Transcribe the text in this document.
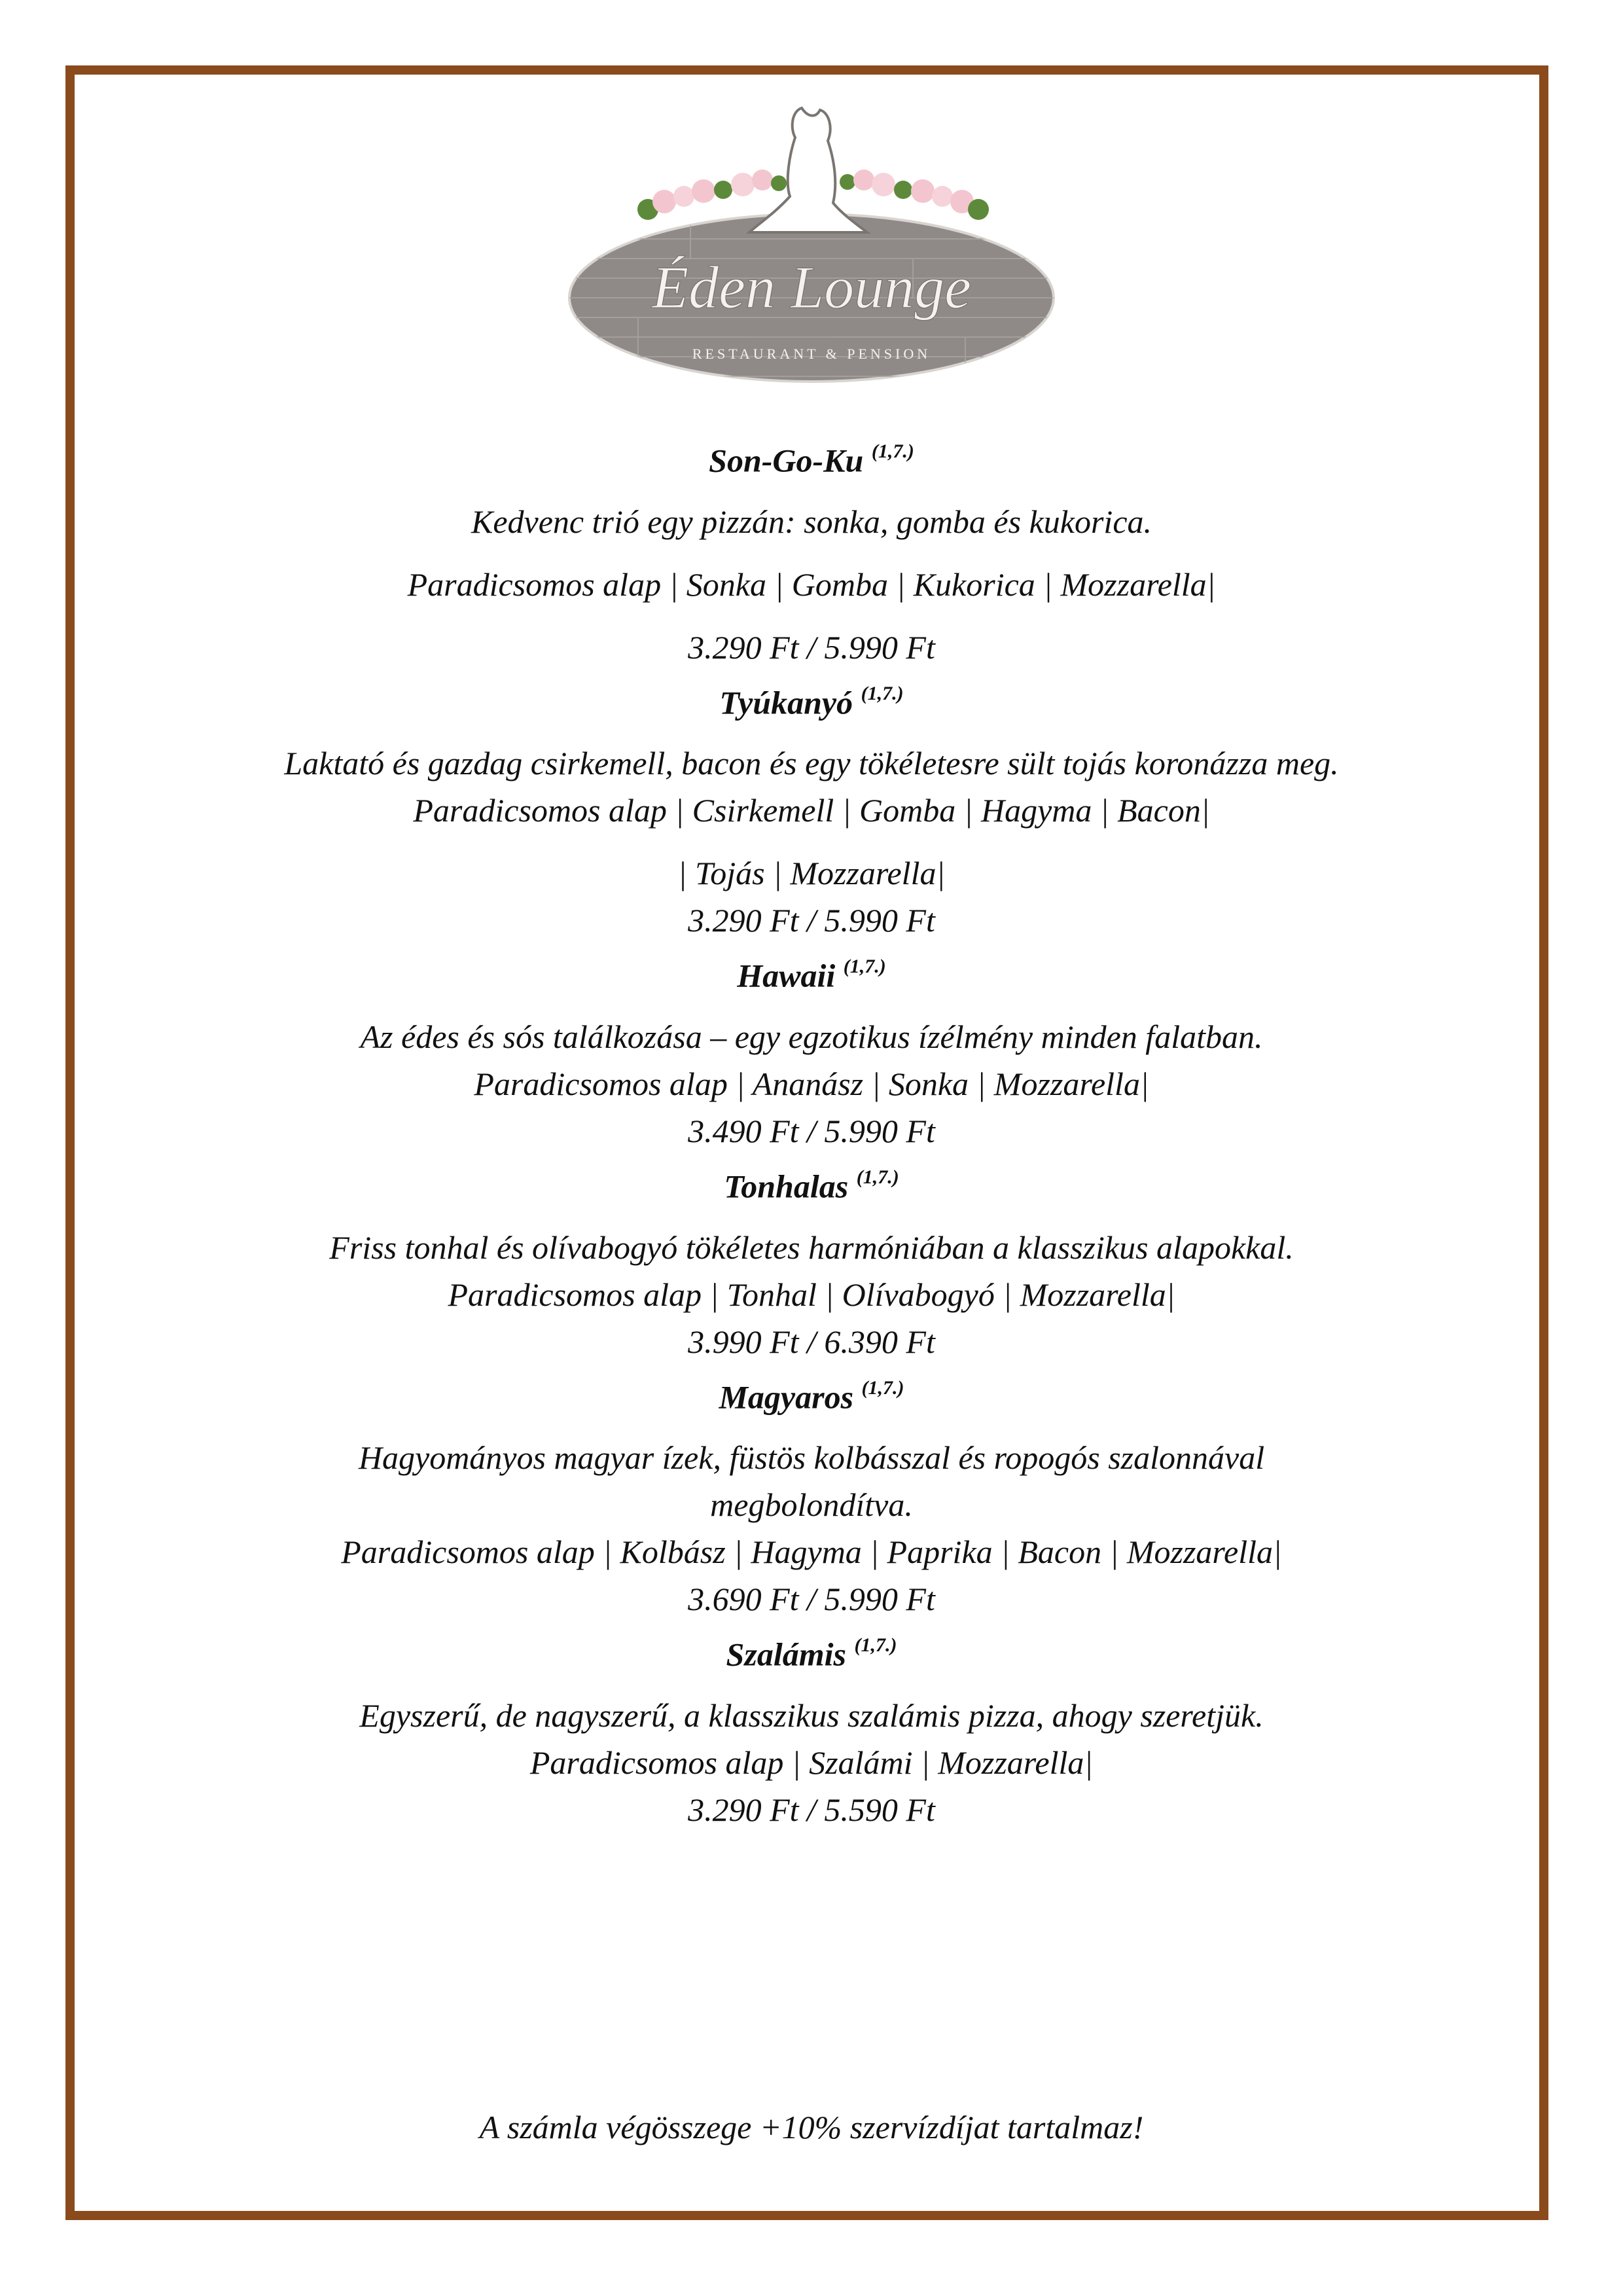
Éden Lounge
RESTAURANT & PENSION
Son-Go-Ku $^{(1,7.)}$
Kedvenc trió egy pizzán: sonka, gomba és kukorica.
Paradicsomos alap | Sonka | Gomba | Kukorica | Mozzarella|
3.290 Ft / 5.990 Ft
Tyúkanyó $^{(1,7.)}$
Laktató és gazdag csirkemell, bacon és egy tökéletesre sült tojás koronázza meg.
Paradicsomos alap | Csirkemell | Gomba | Hagyma | Bacon|
| Tojás | Mozzarella|
3.290 Ft / 5.990 Ft
Hawaii $^{(1,7.)}$
Az édes és sós találkozása – egy egzotikus ízélmény minden falatban.
Paradicsomos alap | Ananász | Sonka | Mozzarella|
3.490 Ft / 5.990 Ft
Tonhalas $^{(1,7.)}$
Friss tonhal és olívabogyó tökéletes harmóniában a klasszikus alapokkal.
Paradicsomos alap | Tonhal | Olívabogyó | Mozzarella|
3.990 Ft / 6.390 Ft
Magyaros $^{(1,7.)}$
Hagyományos magyar ízek, füstös kolbásszal és ropogós szalonnával
megbolondítva.
Paradicsomos alap | Kolbász | Hagyma | Paprika | Bacon | Mozzarella|
3.690 Ft / 5.990 Ft
Szalámis $^{(1,7.)}$
Egyszerű, de nagyszerű, a klasszikus szalámis pizza, ahogy szeretjük.
Paradicsomos alap | Szalámi | Mozzarella|
3.290 Ft / 5.590 Ft
A számla végösszege +10% szervízdíjat tartalmaz!
